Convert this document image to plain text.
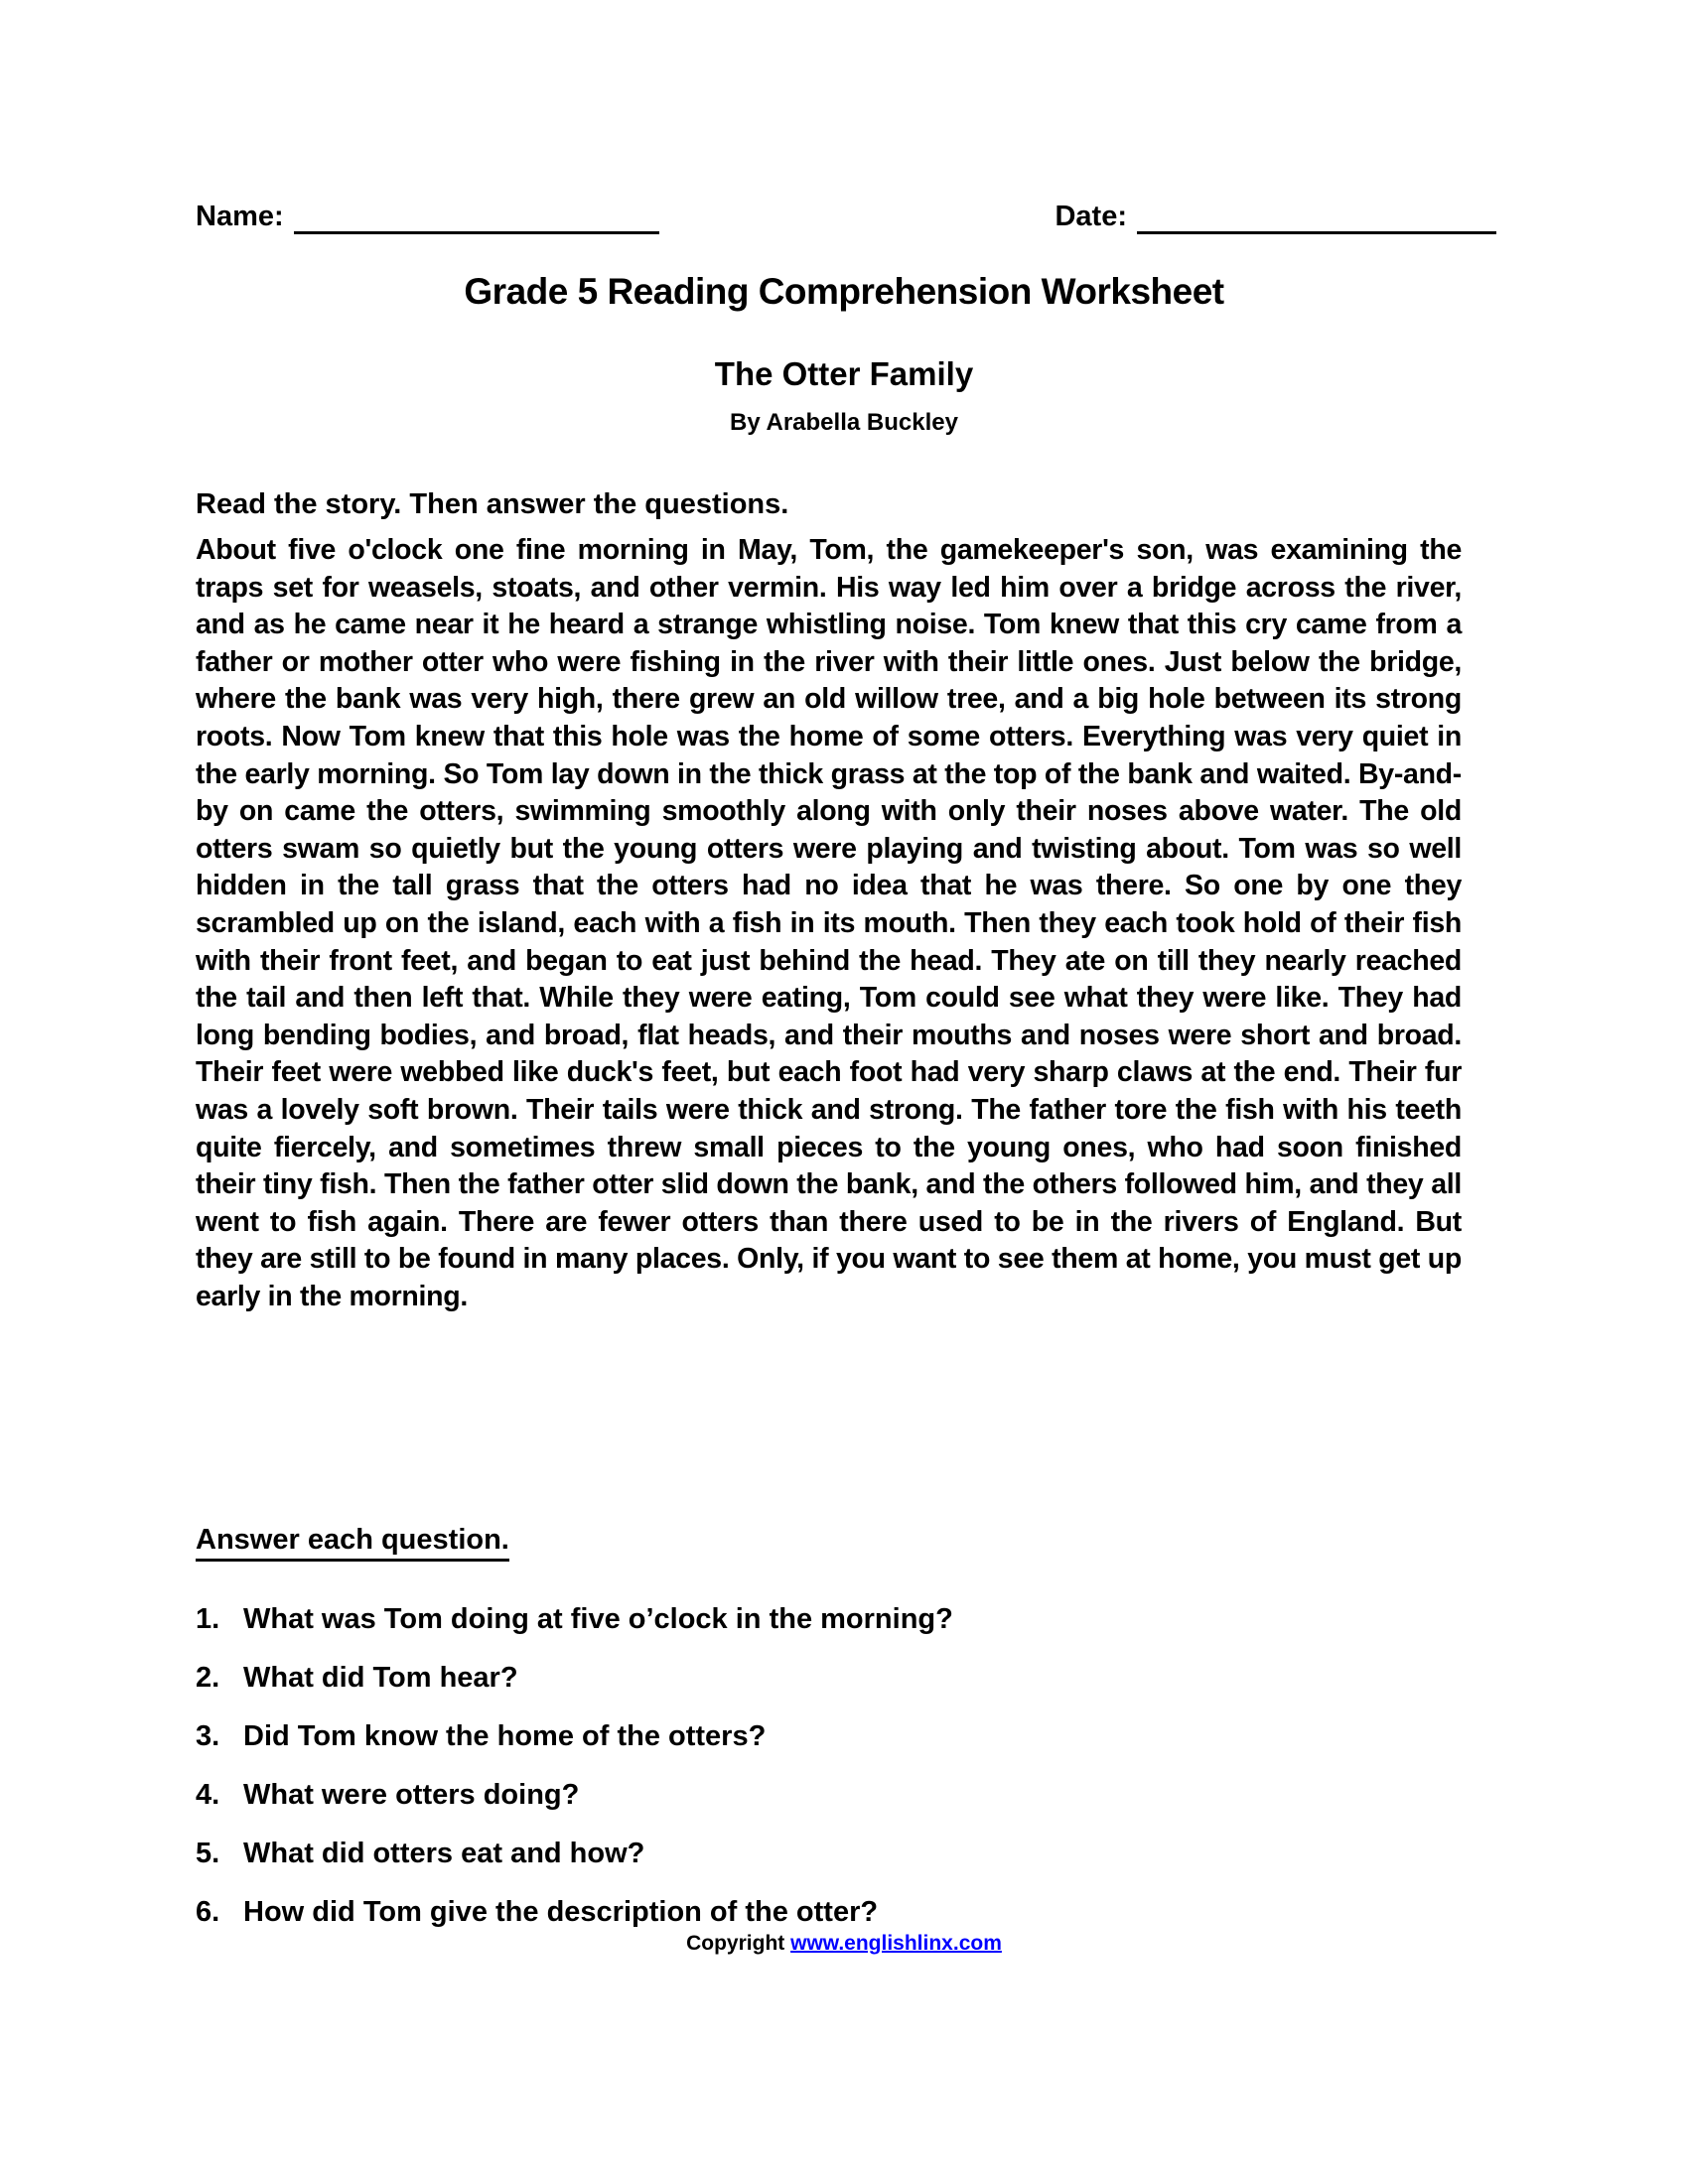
Name:	Date:
Grade 5 Reading Comprehension Worksheet
The Otter Family
By Arabella Buckley
Read the story. Then answer the questions.
About five o'clock one fine morning in May, Tom, the gamekeeper's son, was examining the traps set for weasels, stoats, and other vermin. His way led him over a bridge across the river, and as he came near it he heard a strange whistling noise. Tom knew that this cry came from a father or mother otter who were fishing in the river with their little ones. Just below the bridge, where the bank was very high, there grew an old willow tree, and a big hole between its strong roots. Now Tom knew that this hole was the home of some otters. Everything was very quiet in the early morning. So Tom lay down in the thick grass at the top of the bank and waited. By-and-by on came the otters, swimming smoothly along with only their noses above water. The old otters swam so quietly but the young otters were playing and twisting about. Tom was so well hidden in the tall grass that the otters had no idea that he was there. So one by one they scrambled up on the island, each with a fish in its mouth. Then they each took hold of their fish with their front feet, and began to eat just behind the head. They ate on till they nearly reached the tail and then left that. While they were eating, Tom could see what they were like. They had long bending bodies, and broad, flat heads, and their mouths and noses were short and broad. Their feet were webbed like duck's feet, but each foot had very sharp claws at the end. Their fur was a lovely soft brown. Their tails were thick and strong. The father tore the fish with his teeth quite fiercely, and sometimes threw small pieces to the young ones, who had soon finished their tiny fish. Then the father otter slid down the bank, and the others followed him, and they all went to fish again. There are fewer otters than there used to be in the rivers of England. But they are still to be found in many places. Only, if you want to see them at home, you must get up early in the morning.
Answer each question.
1. What was Tom doing at five o’clock in the morning?
2. What did Tom hear?
3. Did Tom know the home of the otters?
4. What were otters doing?
5. What did otters eat and how?
6. How did Tom give the description of the otter?
Copyright www.englishlinx.com
